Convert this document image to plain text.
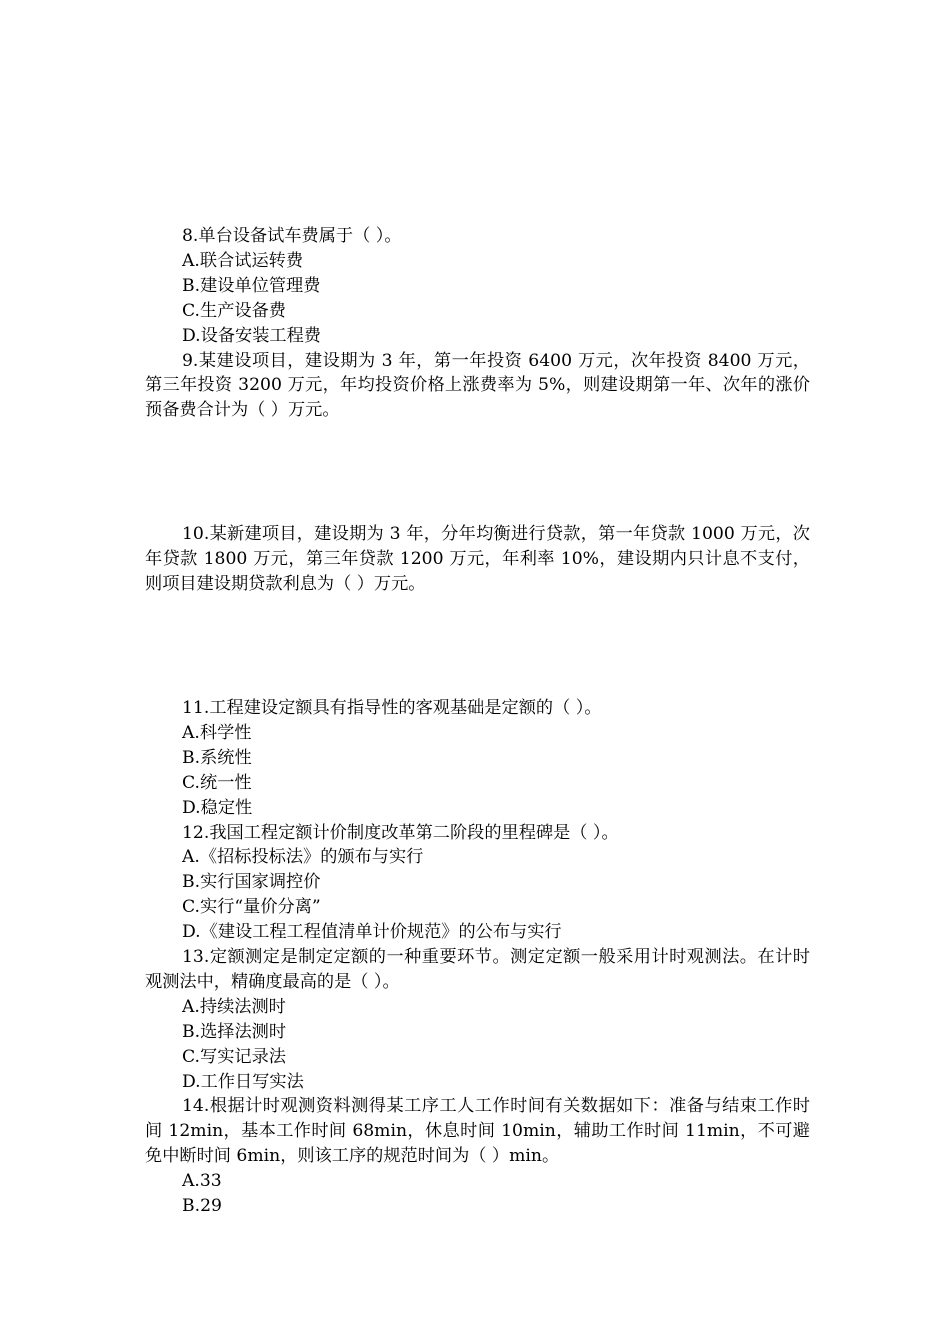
8.单台设备试车费属于（ ）。

A.联合试运转费

B.建设单位管理费

C.生产设备费

D.设备安装工程费

9.某建设项目，建设期为 3 年，第一年投资 6400 万元，次年投资 8400 万元，第三年投资 3200 万元，年均投资价格上涨费率为 5%，则建设期第一年、次年的涨价预备费合计为（ ）万元。

10.某新建项目，建设期为 3 年，分年均衡进行贷款，第一年贷款 1000 万元，次年贷款 1800 万元，第三年贷款 1200 万元，年利率 10%，建设期内只计息不支付，则项目建设期贷款利息为（ ）万元。

11.工程建设定额具有指导性的客观基础是定额的（ ）。

A.科学性

B.系统性

C.统一性

D.稳定性

12.我国工程定额计价制度改革第二阶段的里程碑是（ ）。

A.《招标投标法》的颁布与实行

B.实行国家调控价

C.实行“量价分离”

D.《建设工程工程值清单计价规范》的公布与实行

13.定额测定是制定定额的一种重要环节。测定定额一般采用计时观测法。在计时观测法中，精确度最高的是（ ）。

A.持续法测时

B.选择法测时

C.写实记录法

D.工作日写实法

14.根据计时观测资料测得某工序工人工作时间有关数据如下：准备与结束工作时间 12min，基本工作时间 68min，休息时间 10min，辅助工作时间 11min，不可避免中断时间 6min，则该工序的规范时间为（ ）min。

A.33

B.29
